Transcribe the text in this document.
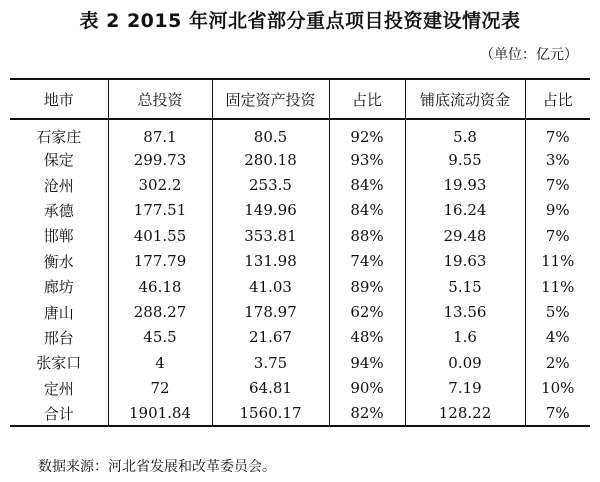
表 2 2015 年河北省部分重点项目投资建设情况表
（单位：亿元）
地市	总投资	固定资产投资	占比	铺底流动资金	占比
石家庄	87.1	80.5	92%	5.8	7%
保定	299.73	280.18	93%	9.55	3%
沧州	302.2	253.5	84%	19.93	7%
承德	177.51	149.96	84%	16.24	9%
邯郸	401.55	353.81	88%	29.48	7%
衡水	177.79	131.98	74%	19.63	11%
廊坊	46.18	41.03	89%	5.15	11%
唐山	288.27	178.97	62%	13.56	5%
邢台	45.5	21.67	48%	1.6	4%
张家口	4	3.75	94%	0.09	2%
定州	72	64.81	90%	7.19	10%
合计	1901.84	1560.17	82%	128.22	7%
数据来源：河北省发展和改革委员会。
